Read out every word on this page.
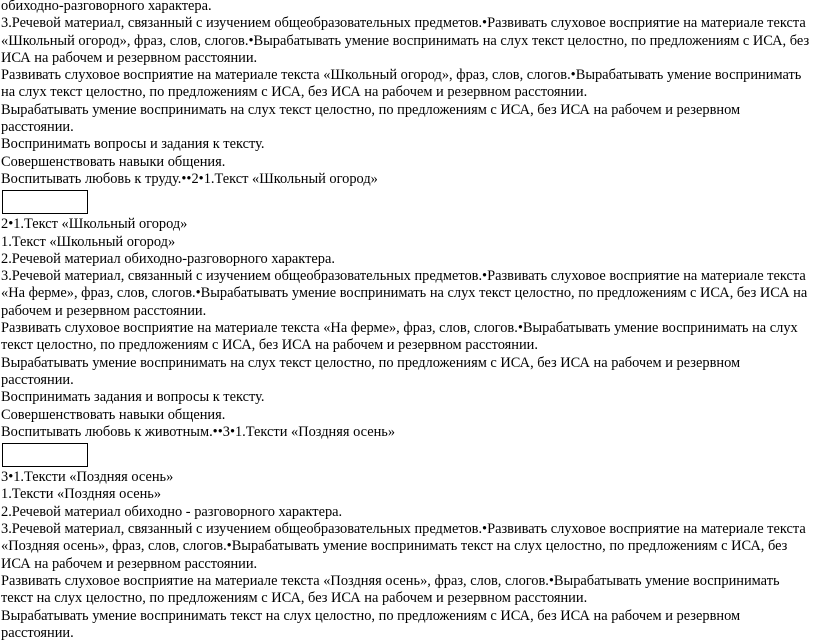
обиходно-разговорного характера.

3.Речевой материал, связанный с изучением общеобразовательных предметов.•Развивать слуховое восприятие на материале текста «Школьный огород», фраз, слов, слогов.•Вырабатывать умение воспринимать на слух текст целостно, по предложениям с ИСА, без ИСА на рабочем и резервном расстоянии.

Развивать слуховое восприятие на материале текста «Школьный огород», фраз, слов, слогов.•Вырабатывать умение воспринимать на слух текст целостно, по предложениям с ИСА, без ИСА на рабочем и резервном расстоянии.

Вырабатывать умение воспринимать на слух текст целостно, по предложениям с ИСА, без ИСА на рабочем и резервном расстоянии.

Воспринимать вопросы и задания к тексту.

Совершенствовать навыки общения.

Воспитывать любовь к труду.••2•1.Текст «Школьный огород»

2•1.Текст «Школьный огород»

1.Текст «Школьный огород»

2.Речевой материал обиходно-разговорного характера.

3.Речевой материал, связанный с изучением общеобразовательных предметов.•Развивать слуховое восприятие на материале текста «На ферме», фраз, слов, слогов.•Вырабатывать умение воспринимать на слух текст целостно, по предложениям с ИСА, без ИСА на рабочем и резервном расстоянии.

Развивать слуховое восприятие на материале текста «На ферме», фраз, слов, слогов.•Вырабатывать умение воспринимать на слух текст целостно, по предложениям с ИСА, без ИСА на рабочем и резервном расстоянии.

Вырабатывать умение воспринимать на слух текст целостно, по предложениям с ИСА, без ИСА на рабочем и резервном расстоянии.

Воспринимать задания и вопросы к тексту.

Совершенствовать навыки общения.

Воспитывать любовь к животным.••3•1.Тексти «Поздняя осень»

3•1.Тексти «Поздняя осень»

1.Тексти «Поздняя осень»

2.Речевой материал обиходно - разговорного характера.

3.Речевой материал, связанный с изучением общеобразовательных предметов.•Развивать слуховое восприятие на материале текста «Поздняя осень», фраз, слов, слогов.•Вырабатывать умение воспринимать текст на слух целостно, по предложениям с ИСА, без ИСА на рабочем и резервном расстоянии.

Развивать слуховое восприятие на материале текста «Поздняя осень», фраз, слов, слогов.•Вырабатывать умение воспринимать текст на слух целостно, по предложениям с ИСА, без ИСА на рабочем и резервном расстоянии.

Вырабатывать умение воспринимать текст на слух целостно, по предложениям с ИСА, без ИСА на рабочем и резервном расстоянии.
